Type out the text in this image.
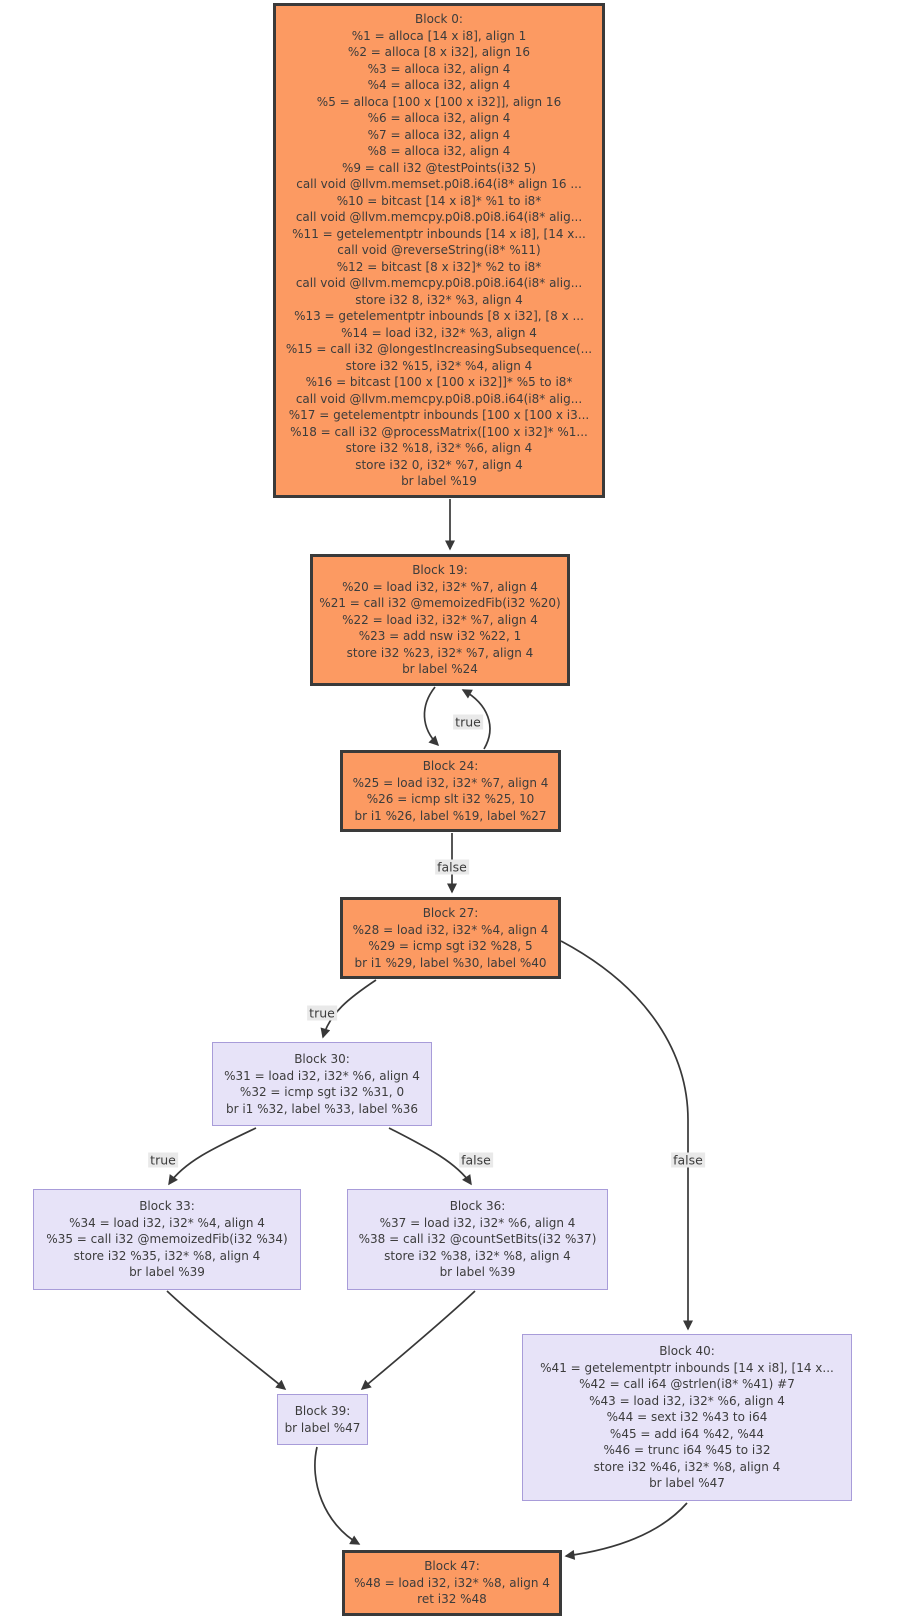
Block 0:
%1 = alloca [14 x i8], align 1
%2 = alloca [8 x i32], align 16
%3 = alloca i32, align 4
%4 = alloca i32, align 4
%5 = alloca [100 x [100 x i32]], align 16
%6 = alloca i32, align 4
%7 = alloca i32, align 4
%8 = alloca i32, align 4
%9 = call i32 @testPoints(i32 5)
call void @llvm.memset.p0i8.i64(i8* align 16 ...
%10 = bitcast [14 x i8]* %1 to i8*
call void @llvm.memcpy.p0i8.p0i8.i64(i8* alig...
%11 = getelementptr inbounds [14 x i8], [14 x...
call void @reverseString(i8* %11)
%12 = bitcast [8 x i32]* %2 to i8*
call void @llvm.memcpy.p0i8.p0i8.i64(i8* alig...
store i32 8, i32* %3, align 4
%13 = getelementptr inbounds [8 x i32], [8 x ...
%14 = load i32, i32* %3, align 4
%15 = call i32 @longestIncreasingSubsequence(...
store i32 %15, i32* %4, align 4
%16 = bitcast [100 x [100 x i32]]* %5 to i8*
call void @llvm.memcpy.p0i8.p0i8.i64(i8* alig...
%17 = getelementptr inbounds [100 x [100 x i3...
%18 = call i32 @processMatrix([100 x i32]* %1...
store i32 %18, i32* %6, align 4
store i32 0, i32* %7, align 4
br label %19
Block 19:
%20 = load i32, i32* %7, align 4
%21 = call i32 @memoizedFib(i32 %20)
%22 = load i32, i32* %7, align 4
%23 = add nsw i32 %22, 1
store i32 %23, i32* %7, align 4
br label %24
Block 24:
%25 = load i32, i32* %7, align 4
%26 = icmp slt i32 %25, 10
br i1 %26, label %19, label %27
Block 27:
%28 = load i32, i32* %4, align 4
%29 = icmp sgt i32 %28, 5
br i1 %29, label %30, label %40
Block 30:
%31 = load i32, i32* %6, align 4
%32 = icmp sgt i32 %31, 0
br i1 %32, label %33, label %36
Block 33:
%34 = load i32, i32* %4, align 4
%35 = call i32 @memoizedFib(i32 %34)
store i32 %35, i32* %8, align 4
br label %39
Block 36:
%37 = load i32, i32* %6, align 4
%38 = call i32 @countSetBits(i32 %37)
store i32 %38, i32* %8, align 4
br label %39
Block 40:
%41 = getelementptr inbounds [14 x i8], [14 x...
%42 = call i64 @strlen(i8* %41) #7
%43 = load i32, i32* %6, align 4
%44 = sext i32 %43 to i64
%45 = add i64 %42, %44
%46 = trunc i64 %45 to i32
store i32 %46, i32* %8, align 4
br label %47
Block 39:
br label %47
Block 47:
%48 = load i32, i32* %8, align 4
ret i32 %48
true
false
true
false
true	false
